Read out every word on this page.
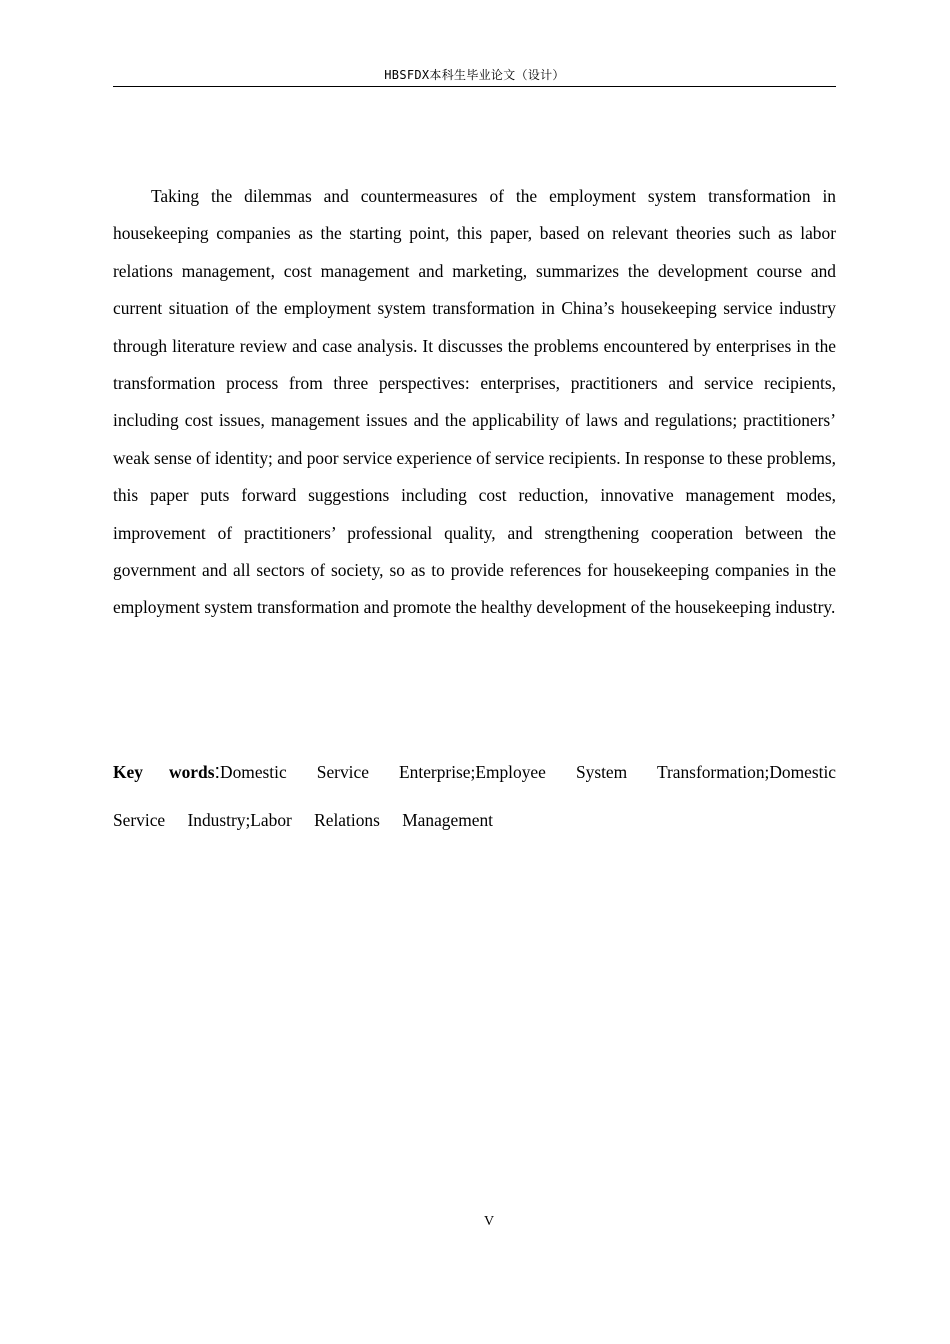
HBSFDX本科生毕业论文（设计）

Taking the dilemmas and countermeasures of the employment system transformation in housekeeping companies as the starting point, this paper, based on relevant theories such as labor relations management, cost management and marketing, summarizes the development course and current situation of the employment system transformation in China’s housekeeping service industry through literature review and case analysis. It discusses the problems encountered by enterprises in the transformation process from three perspectives: enterprises, practitioners and service recipients, including cost issues, management issues and the applicability of laws and regulations; practitioners’ weak sense of identity; and poor service experience of service recipients. In response to these problems, this paper puts forward suggestions including cost reduction, innovative management modes, improvement of practitioners’ professional quality, and strengthening cooperation between the government and all sectors of society, so as to provide references for housekeeping companies in the employment system transformation and promote the healthy development of the housekeeping industry.

Key words:Domestic Service Enterprise;Employee System Transformation;Domestic Service Industry;Labor Relations Management

V
